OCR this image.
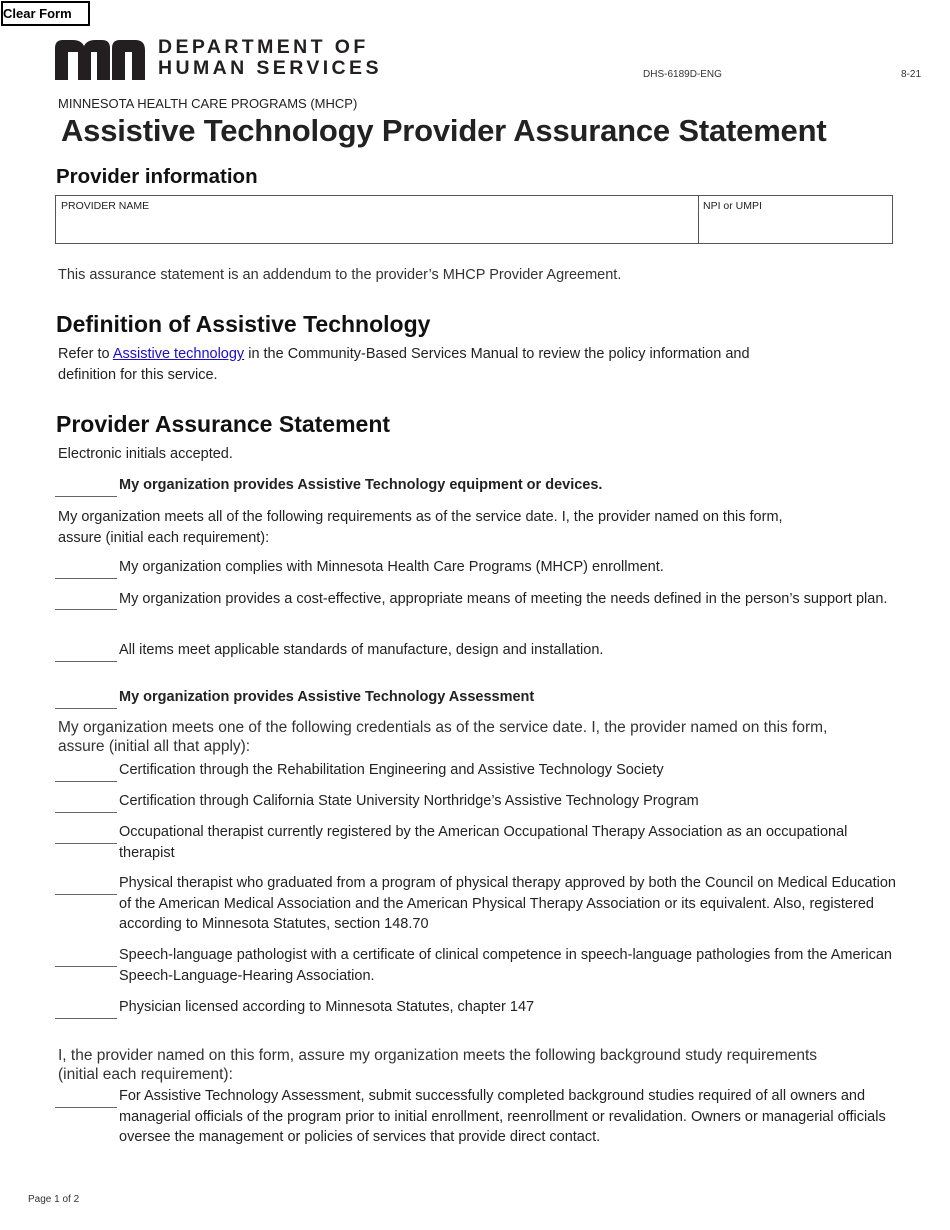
Clear Form
DEPARTMENT OF
HUMAN SERVICES	DHS-6189D-ENG	8-21
MINNESOTA HEALTH CARE PROGRAMS (MHCP)
Assistive Technology Provider Assurance Statement
Provider information
PROVIDER NAME	NPI or UMPI
This assurance statement is an addendum to the provider’s MHCP Provider Agreement.
Definition of Assistive Technology
Refer to Assistive technology in the Community-Based Services Manual to review the policy information and
definition for this service.
Provider Assurance Statement
Electronic initials accepted.
My organization provides Assistive Technology equipment or devices.
My organization meets all of the following requirements as of the service date. I, the provider named on this form,
assure (initial each requirement):
My organization complies with Minnesota Health Care Programs (MHCP) enrollment.
My organization provides a cost-effective, appropriate means of meeting the needs defined in the person’s support plan.
All items meet applicable standards of manufacture, design and installation.
My organization provides Assistive Technology Assessment
My organization meets one of the following credentials as of the service date. I, the provider named on this form,
assure (initial all that apply):
Certification through the Rehabilitation Engineering and Assistive Technology Society
Certification through California State University Northridge’s Assistive Technology Program
Occupational therapist currently registered by the American Occupational Therapy Association as an occupational therapist
Physical therapist who graduated from a program of physical therapy approved by both the Council on Medical Education of the American Medical Association and the American Physical Therapy Association or its equivalent. Also, registered according to Minnesota Statutes, section 148.70
Speech-language pathologist with a certificate of clinical competence in speech-language pathologies from the American Speech-Language-Hearing Association.
Physician licensed according to Minnesota Statutes, chapter 147
I, the provider named on this form, assure my organization meets the following background study requirements
(initial each requirement):
For Assistive Technology Assessment, submit successfully completed background studies required of all owners and managerial officials of the program prior to initial enrollment, reenrollment or revalidation. Owners or managerial officials oversee the management or policies of services that provide direct contact.
Page 1 of 2
